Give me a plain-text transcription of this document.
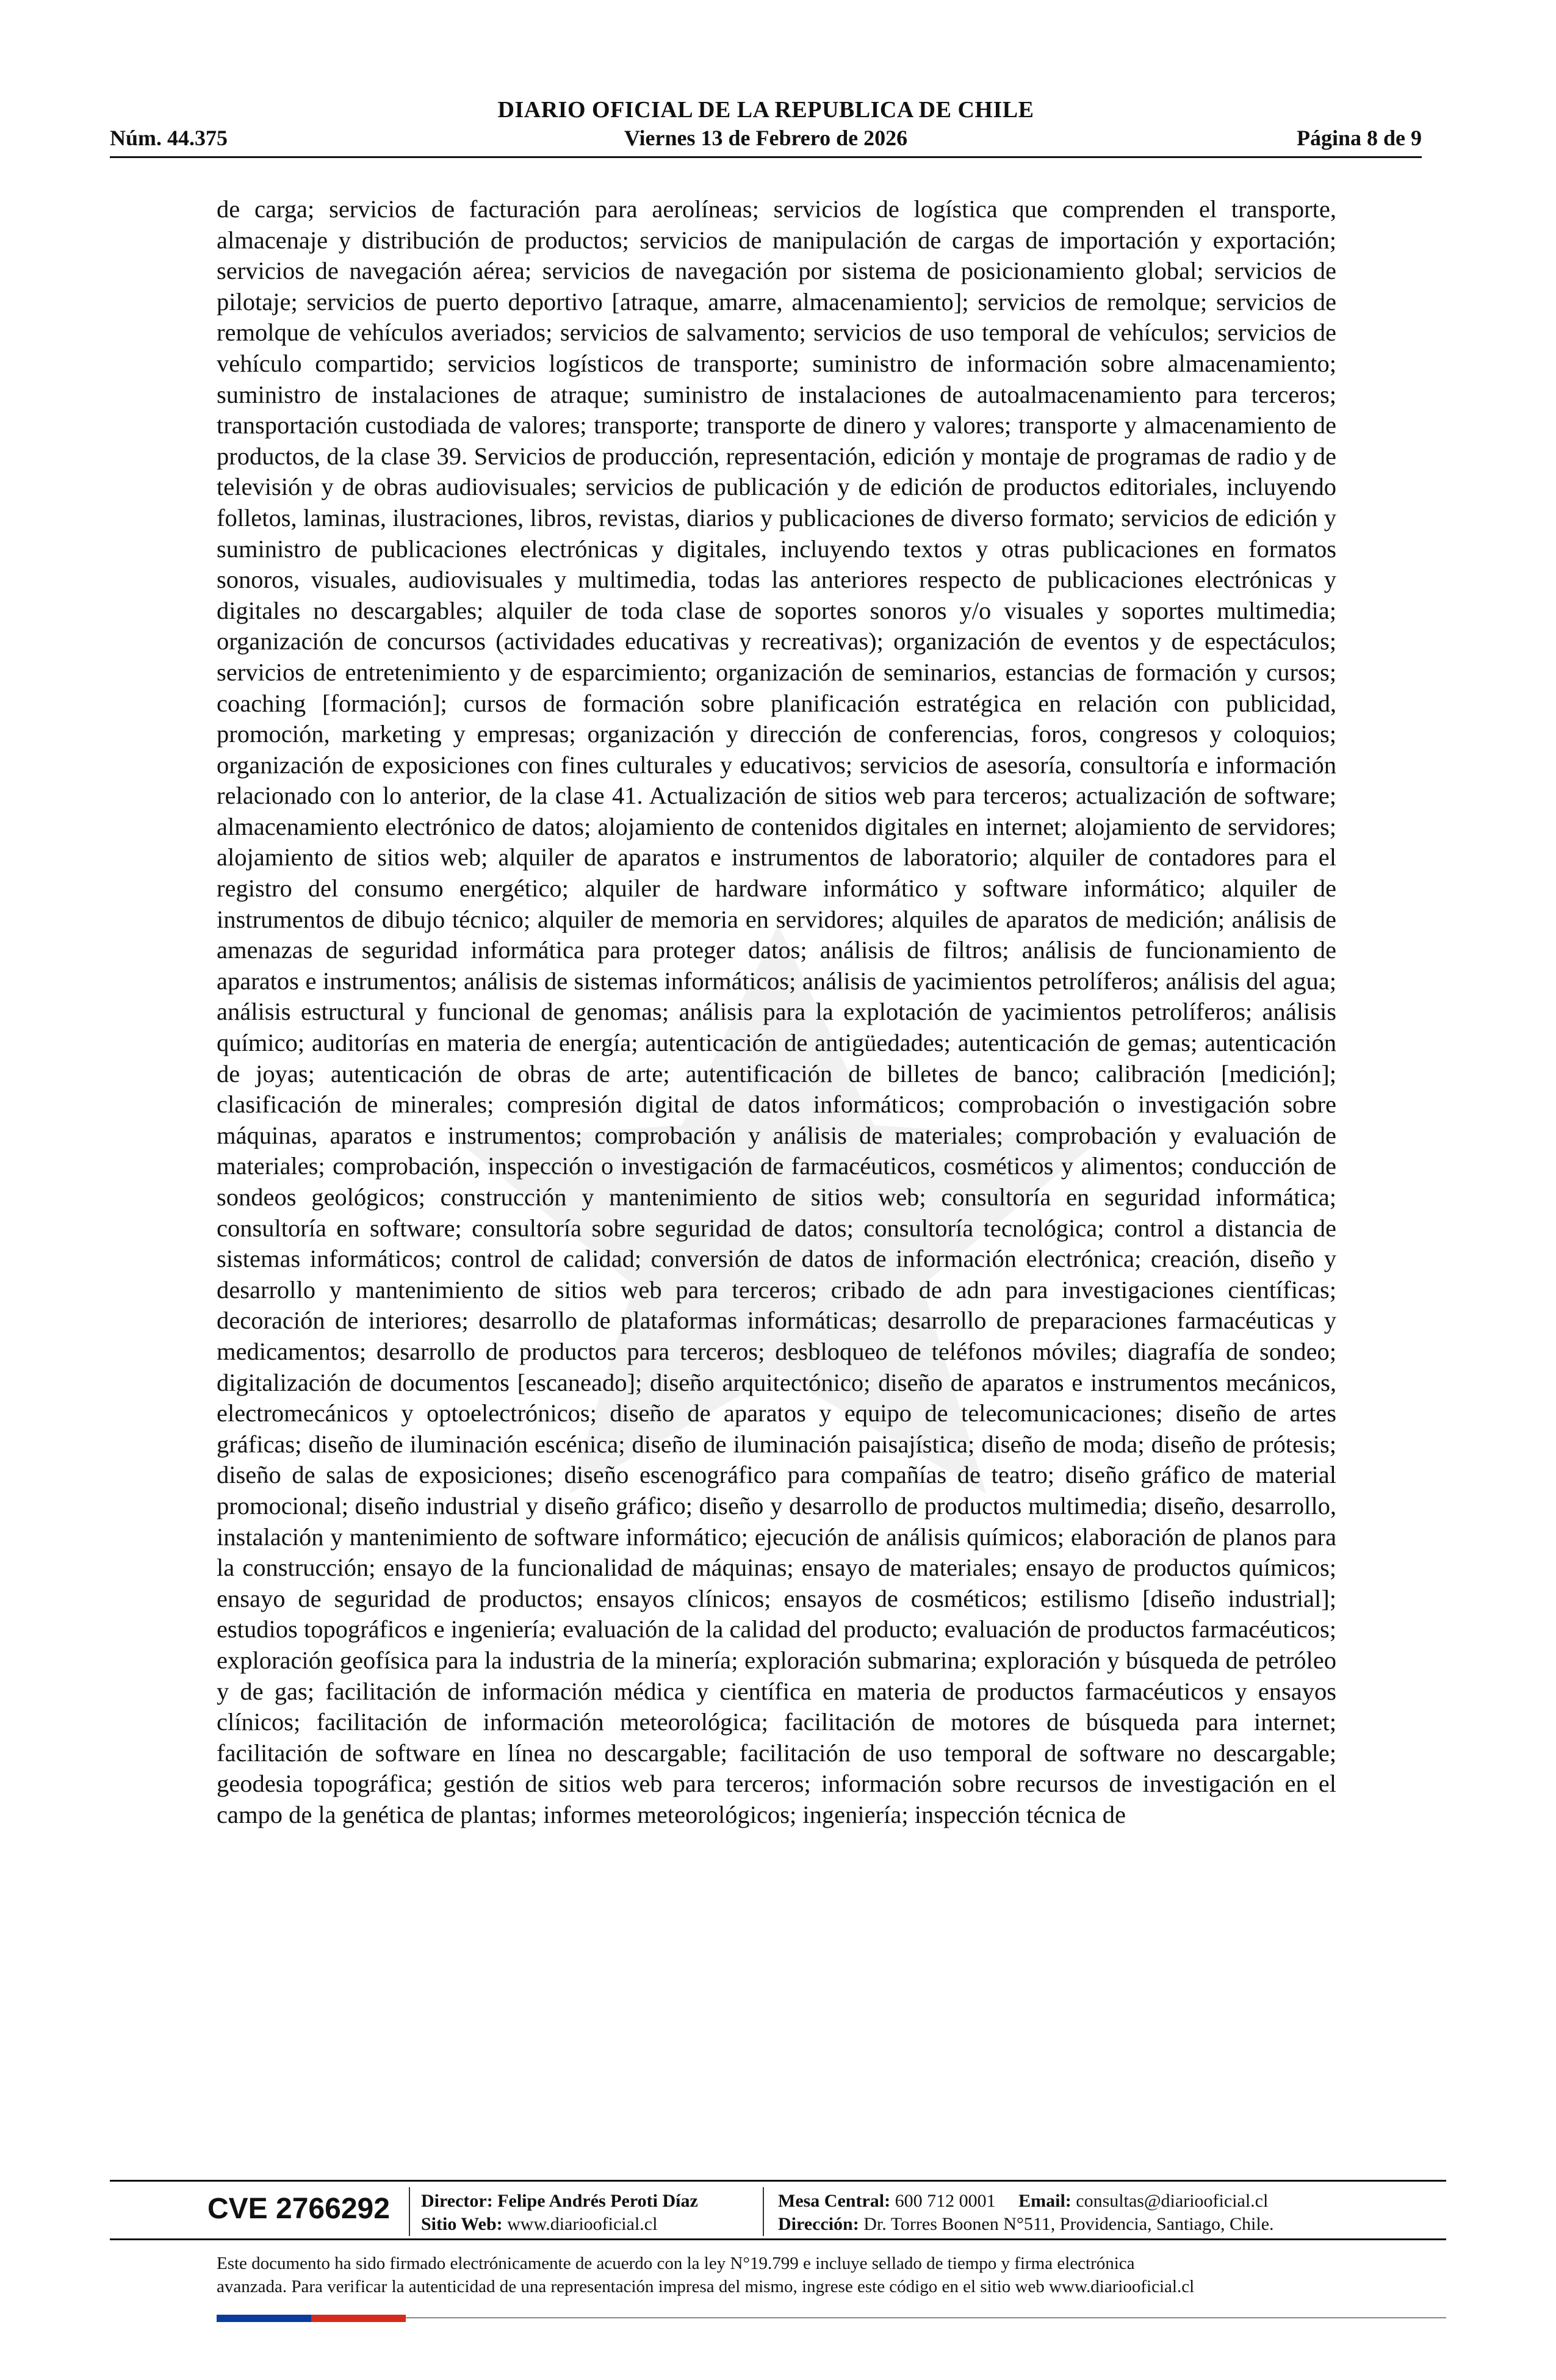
DIARIO OFICIAL DE LA REPUBLICA DE CHILE
Núm. 44.375	Viernes 13 de Febrero de 2026	Página 8 de 9

de carga; servicios de facturación para aerolíneas; servicios de logística que comprenden el transporte, almacenaje y distribución de productos; servicios de manipulación de cargas de importación y exportación; servicios de navegación aérea; servicios de navegación por sistema de posicionamiento global; servicios de pilotaje; servicios de puerto deportivo [atraque, amarre, almacenamiento]; servicios de remolque; servicios de remolque de vehículos averiados; servicios de salvamento; servicios de uso temporal de vehículos; servicios de vehículo compartido; servicios logísticos de transporte; suministro de información sobre almacenamiento; suministro de instalaciones de atraque; suministro de instalaciones de autoalmacenamiento para terceros; transportación custodiada de valores; transporte; transporte de dinero y valores; transporte y almacenamiento de productos, de la clase 39. Servicios de producción, representación, edición y montaje de programas de radio y de televisión y de obras audiovisuales; servicios de publicación y de edición de productos editoriales, incluyendo folletos, laminas, ilustraciones, libros, revistas, diarios y publicaciones de diverso formato; servicios de edición y suministro de publicaciones electrónicas y digitales, incluyendo textos y otras publicaciones en formatos sonoros, visuales, audiovisuales y multimedia, todas las anteriores respecto de publicaciones electrónicas y digitales no descargables; alquiler de toda clase de soportes sonoros y/o visuales y soportes multimedia; organización de concursos (actividades educativas y recreativas); organización de eventos y de espectáculos; servicios de entretenimiento y de esparcimiento; organización de seminarios, estancias de formación y cursos; coaching [formación]; cursos de formación sobre planificación estratégica en relación con publicidad, promoción, marketing y empresas; organización y dirección de conferencias, foros, congresos y coloquios; organización de exposiciones con fines culturales y educativos; servicios de asesoría, consultoría e información relacionado con lo anterior, de la clase 41. Actualización de sitios web para terceros; actualización de software; almacenamiento electrónico de datos; alojamiento de contenidos digitales en internet; alojamiento de servidores; alojamiento de sitios web; alquiler de aparatos e instrumentos de laboratorio; alquiler de contadores para el registro del consumo energético; alquiler de hardware informático y software informático; alquiler de instrumentos de dibujo técnico; alquiler de memoria en servidores; alquiles de aparatos de medición; análisis de amenazas de seguridad informática para proteger datos; análisis de filtros; análisis de funcionamiento de aparatos e instrumentos; análisis de sistemas informáticos; análisis de yacimientos petrolíferos; análisis del agua; análisis estructural y funcional de genomas; análisis para la explotación de yacimientos petrolíferos; análisis químico; auditorías en materia de energía; autenticación de antigüedades; autenticación de gemas; autenticación de joyas; autenticación de obras de arte; autentificación de billetes de banco; calibración [medición]; clasificación de minerales; compresión digital de datos informáticos; comprobación o investigación sobre máquinas, aparatos e instrumentos; comprobación y análisis de materiales; comprobación y evaluación de materiales; comprobación, inspección o investigación de farmacéuticos, cosméticos y alimentos; conducción de sondeos geológicos; construcción y mantenimiento de sitios web; consultoría en seguridad informática; consultoría en software; consultoría sobre seguridad de datos; consultoría tecnológica; control a distancia de sistemas informáticos; control de calidad; conversión de datos de información electrónica; creación, diseño y desarrollo y mantenimiento de sitios web para terceros; cribado de adn para investigaciones científicas; decoración de interiores; desarrollo de plataformas informáticas; desarrollo de preparaciones farmacéuticas y medicamentos; desarrollo de productos para terceros; desbloqueo de teléfonos móviles; diagrafía de sondeo; digitalización de documentos [escaneado]; diseño arquitectónico; diseño de aparatos e instrumentos mecánicos, electromecánicos y optoelectrónicos; diseño de aparatos y equipo de telecomunicaciones; diseño de artes gráficas; diseño de iluminación escénica; diseño de iluminación paisajística; diseño de moda; diseño de prótesis; diseño de salas de exposiciones; diseño escenográfico para compañías de teatro; diseño gráfico de material promocional; diseño industrial y diseño gráfico; diseño y desarrollo de productos multimedia; diseño, desarrollo, instalación y mantenimiento de software informático; ejecución de análisis químicos; elaboración de planos para la construcción; ensayo de la funcionalidad de máquinas; ensayo de materiales; ensayo de productos químicos; ensayo de seguridad de productos; ensayos clínicos; ensayos de cosméticos; estilismo [diseño industrial]; estudios topográficos e ingeniería; evaluación de la calidad del producto; evaluación de productos farmacéuticos; exploración geofísica para la industria de la minería; exploración submarina; exploración y búsqueda de petróleo y de gas; facilitación de información médica y científica en materia de productos farmacéuticos y ensayos clínicos; facilitación de información meteorológica; facilitación de motores de búsqueda para internet; facilitación de software en línea no descargable; facilitación de uso temporal de software no descargable; geodesia topográfica; gestión de sitios web para terceros; información sobre recursos de investigación en el campo de la genética de plantas; informes meteorológicos; ingeniería; inspección técnica de

CVE 2766292 Director: Felipe Andrés Peroti Díaz
Sitio Web: www.diariooficial.cl
Mesa Central: 600 712 0001 Email: consultas@diariooficial.cl
Dirección: Dr. Torres Boonen N°511, Providencia, Santiago, Chile.

Este documento ha sido firmado electrónicamente de acuerdo con la ley N°19.799 e incluye sellado de tiempo y firma electrónica

avanzada. Para verificar la autenticidad de una representación impresa del mismo, ingrese este código en el sitio web www.diariooficial.cl
